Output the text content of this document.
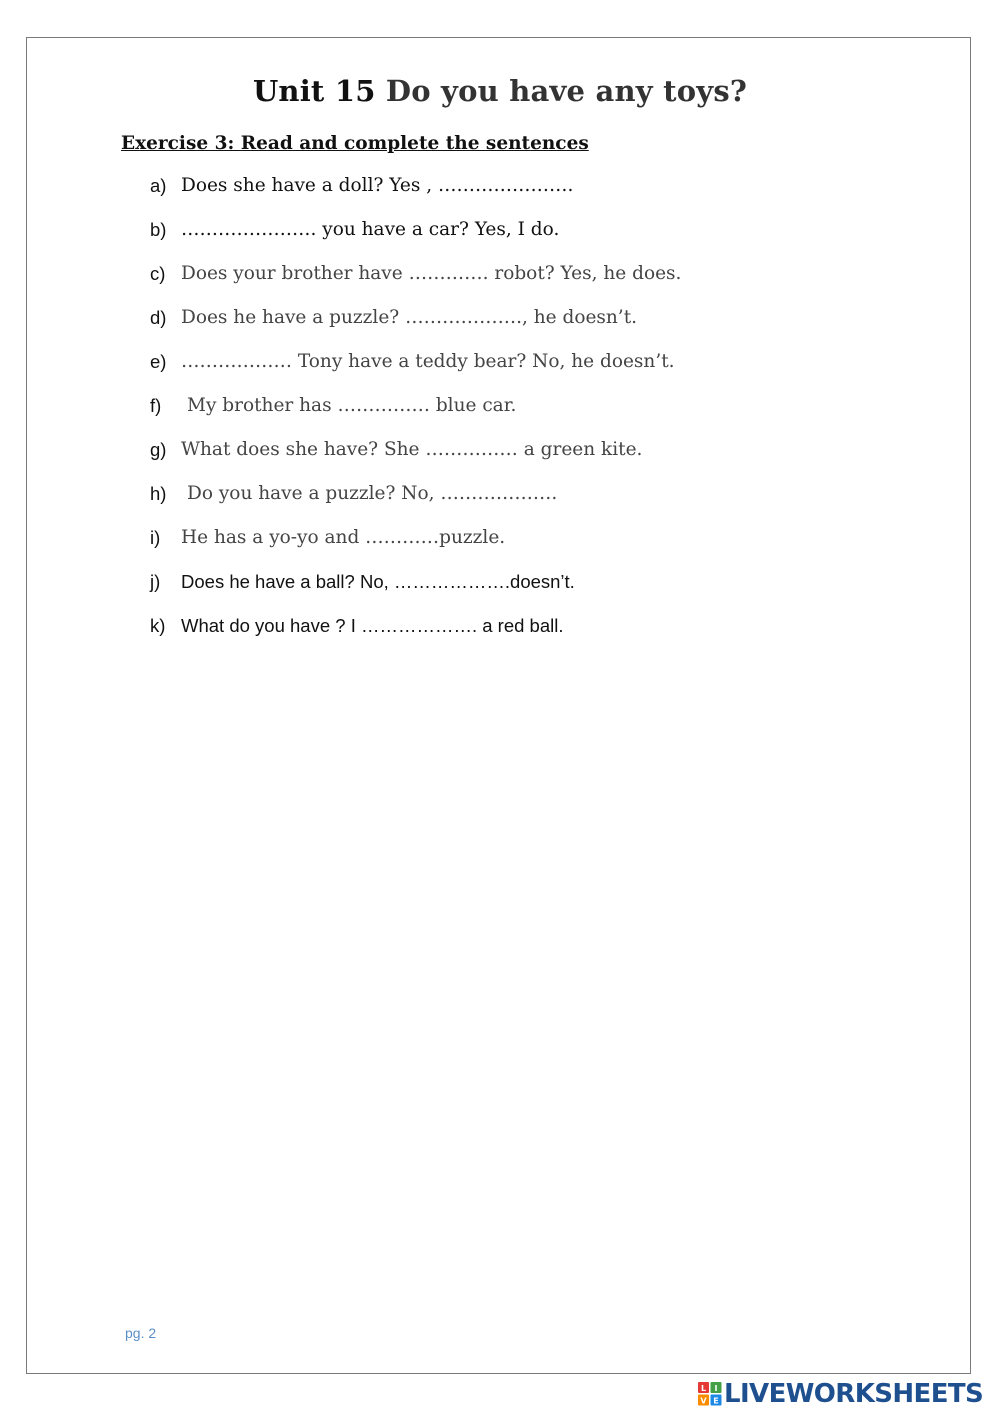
Unit 15 Do you have any toys?
Exercise 3: Read and complete the sentences
a) Does she have a doll? Yes , ………………….
b) …………………. you have a car? Yes, I do.
c) Does your brother have …………. robot? Yes, he does.
d) Does he have a puzzle? ………………., he doesn’t.
e) ……………… Tony have a teddy bear? No, he doesn’t.
f)	My brother has …………… blue car.
g) What does she have? She …………… a green kite.
h)	Do you have a puzzle? No, ……………….
i)	He has a yo-yo and …………puzzle.
j)	Does he have a ball? No, ……………….doesn’t.
k) What do you have ? I ………………. a red ball.
pg. 2
L I
V E LIVEWORKSHEETS
